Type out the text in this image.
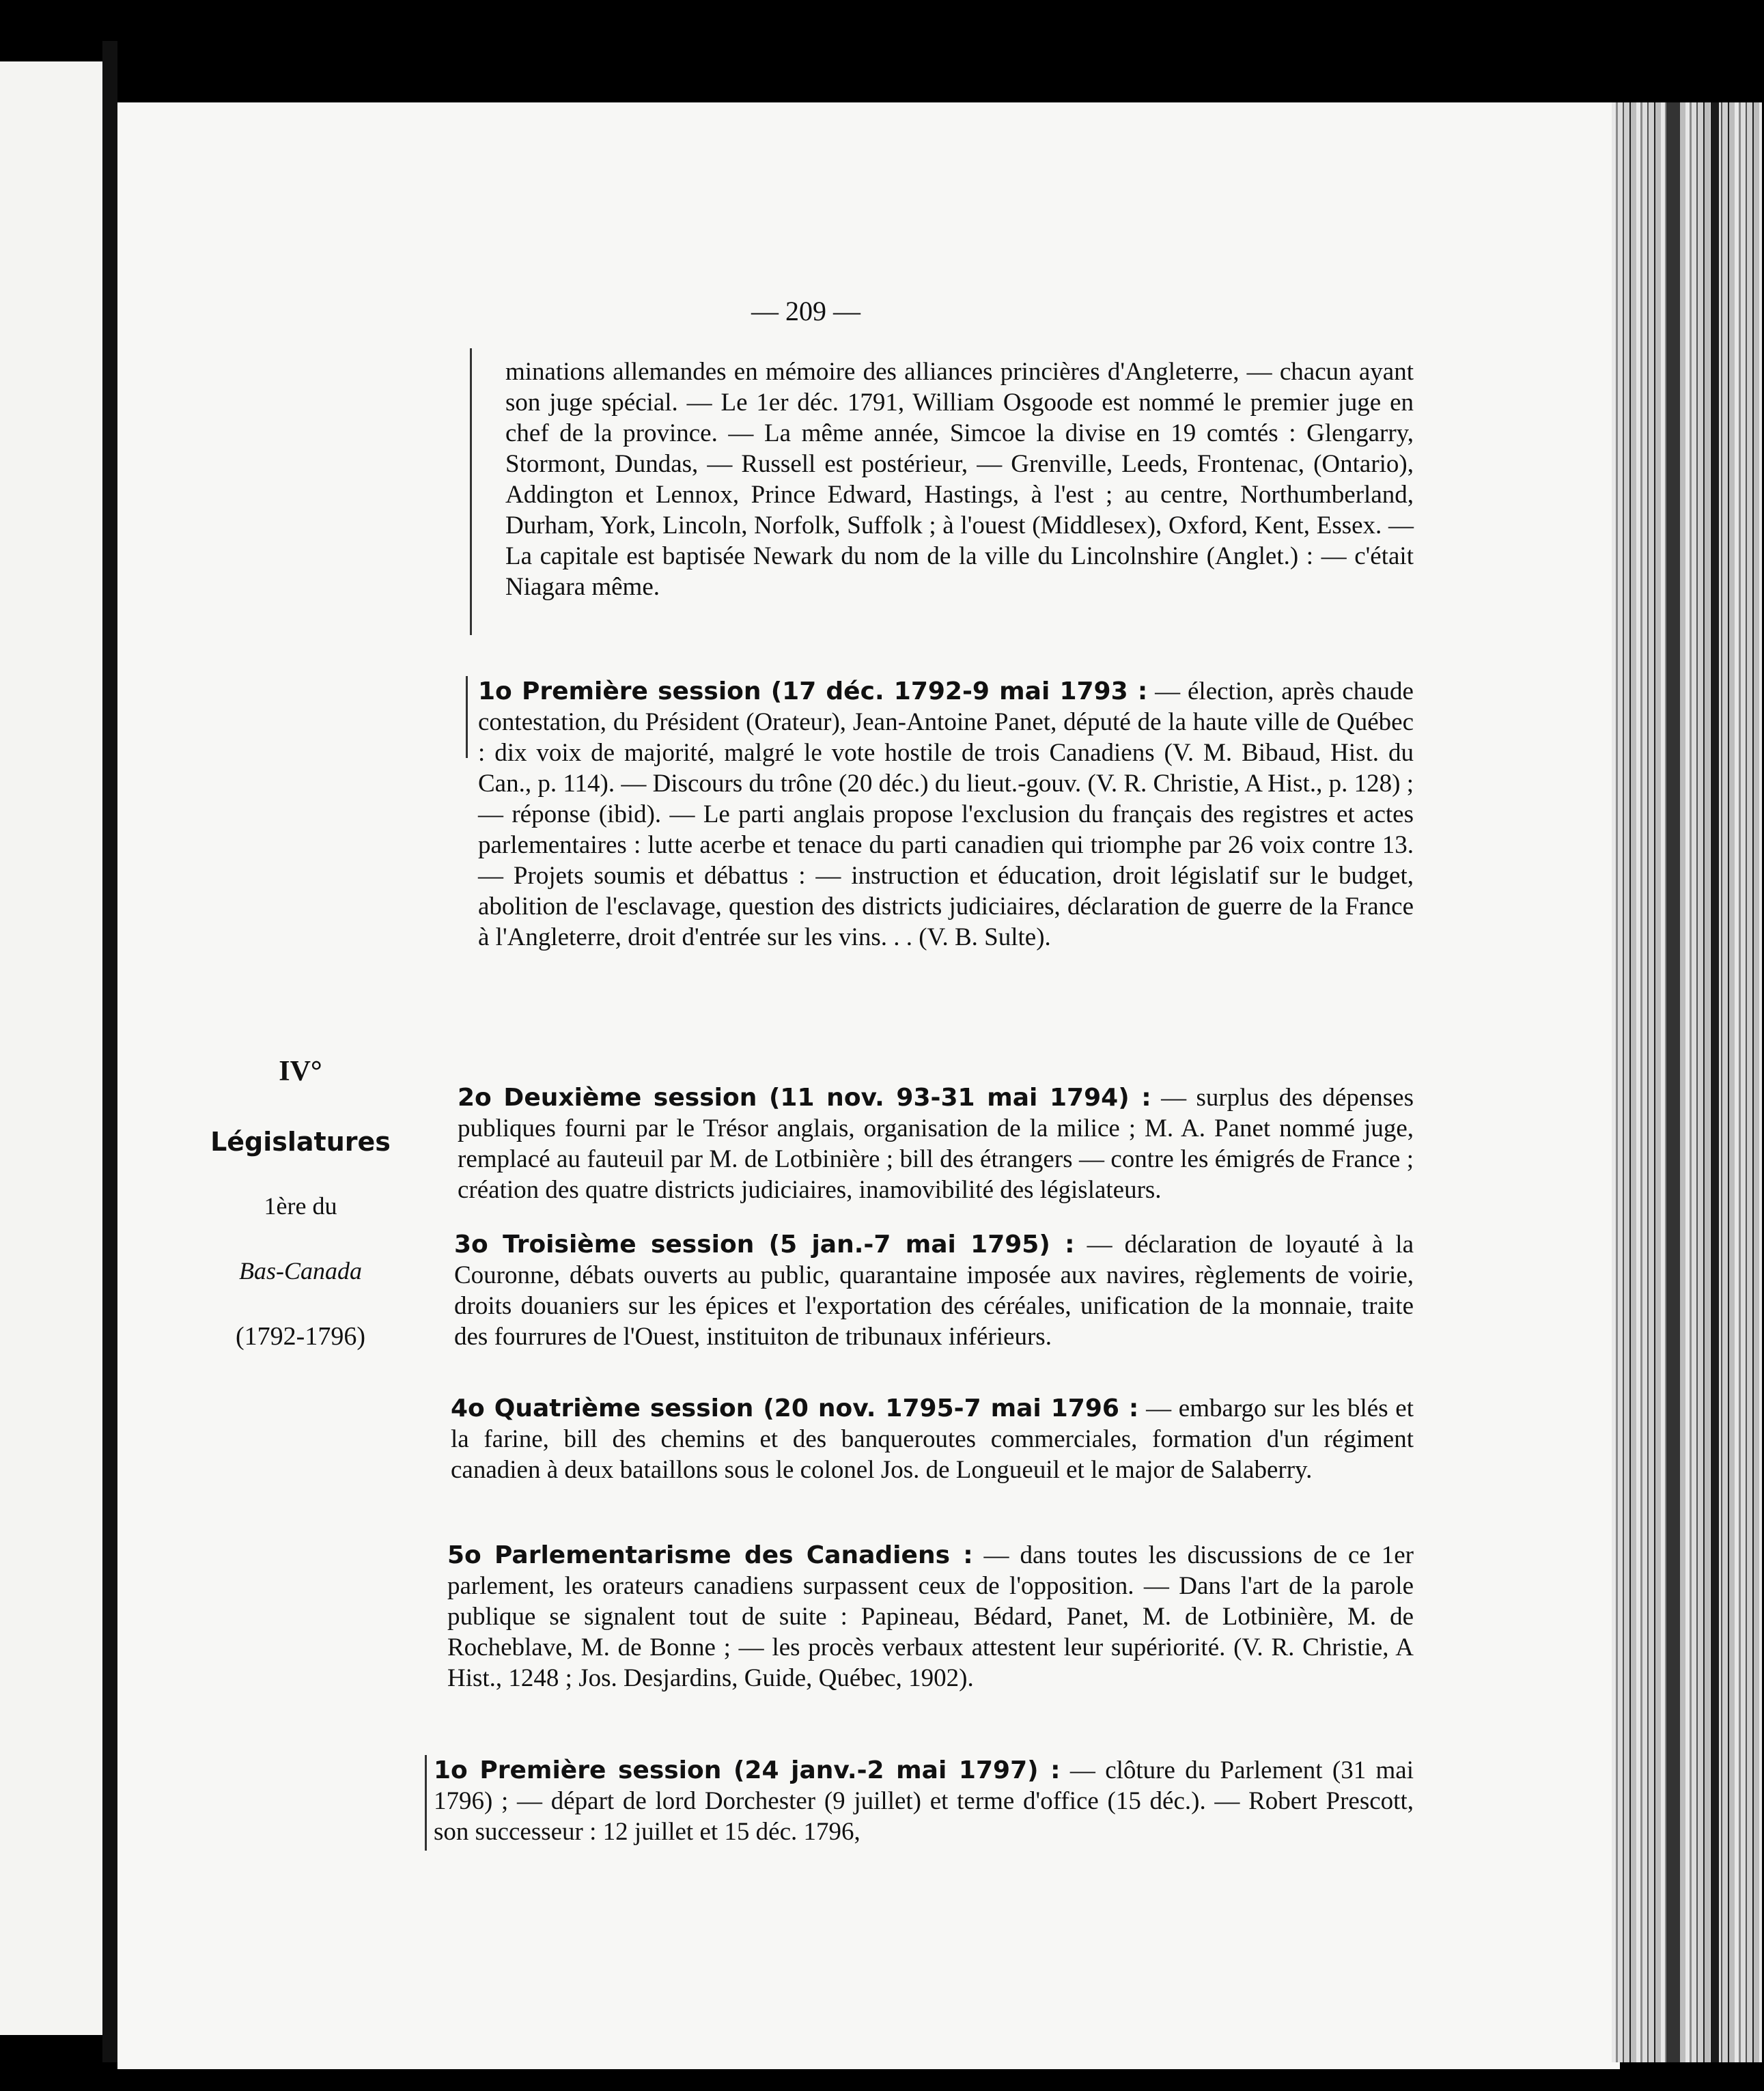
— 209 —
minations allemandes en mémoire des alliances princières d'Angleterre, — chacun ayant son juge spécial. — Le 1er déc. 1791, William Osgoode est nommé le premier juge en chef de la province. — La même année, Simcoe la divise en 19 comtés : Glengarry, Stormont, Dundas, — Russell est postérieur, — Grenville, Leeds, Frontenac, (Ontario), Addington et Lennox, Prince Edward, Hastings, à l'est ; au centre, Northumberland, Durham, York, Lincoln, Norfolk, Suffolk ; à l'ouest (Middlesex), Oxford, Kent, Essex. — La capitale est baptisée Newark du nom de la ville du Lincolnshire (Anglet.) : — c'était Niagara même.
1o Première session (17 déc. 1792-9 mai 1793 : — élection, après chaude contestation, du Président (Orateur), Jean-Antoine Panet, député de la haute ville de Québec : dix voix de majorité, malgré le vote hostile de trois Canadiens (V. M. Bibaud, Hist. du Can., p. 114). — Discours du trône (20 déc.) du lieut.-gouv. (V. R. Christie, A Hist., p. 128) ; — réponse (ibid). — Le parti anglais propose l'exclusion du français des registres et actes parlementaires : lutte acerbe et tenace du parti canadien qui triomphe par 26 voix contre 13. — Projets soumis et débattus : — instruction et éducation, droit législatif sur le budget, abolition de l'esclavage, question des districts judiciaires, déclaration de guerre de la France à l'Angleterre, droit d'entrée sur les vins. . . (V. B. Sulte).
2o Deuxième session (11 nov. 93-31 mai 1794) : — surplus des dépenses publiques fourni par le Trésor anglais, organisation de la milice ; M. A. Panet nommé juge, remplacé au fauteuil par M. de Lotbinière ; bill des étrangers — contre les émigrés de France ; création des quatre districts judiciaires, inamovibilité des législateurs.
3o Troisième session (5 jan.-7 mai 1795) : — déclaration de loyauté à la Couronne, débats ouverts au public, quarantaine imposée aux navires, règlements de voirie, droits douaniers sur les épices et l'exportation des céréales, unification de la monnaie, traite des fourrures de l'Ouest, instituiton de tribunaux inférieurs.
4o Quatrième session (20 nov. 1795-7 mai 1796 : — embargo sur les blés et la farine, bill des chemins et des banqueroutes commerciales, formation d'un régiment canadien à deux bataillons sous le colonel Jos. de Longueuil et le major de Salaberry.
5o Parlementarisme des Canadiens : — dans toutes les discussions de ce 1er parlement, les orateurs canadiens surpassent ceux de l'opposition. — Dans l'art de la parole publique se signalent tout de suite : Papineau, Bédard, Panet, M. de Lotbinière, M. de Rocheblave, M. de Bonne ; — les procès verbaux attestent leur supériorité. (V. R. Christie, A Hist., 1248 ; Jos. Desjardins, Guide, Québec, 1902).
1o Première session (24 janv.-2 mai 1797) : — clôture du Parlement (31 mai 1796) ; — départ de lord Dorchester (9 juillet) et terme d'office (15 déc.). — Robert Prescott, son successeur : 12 juillet et 15 déc. 1796,
IV°
Législatures
1ère du
Bas-Canada
(1792-1796)
